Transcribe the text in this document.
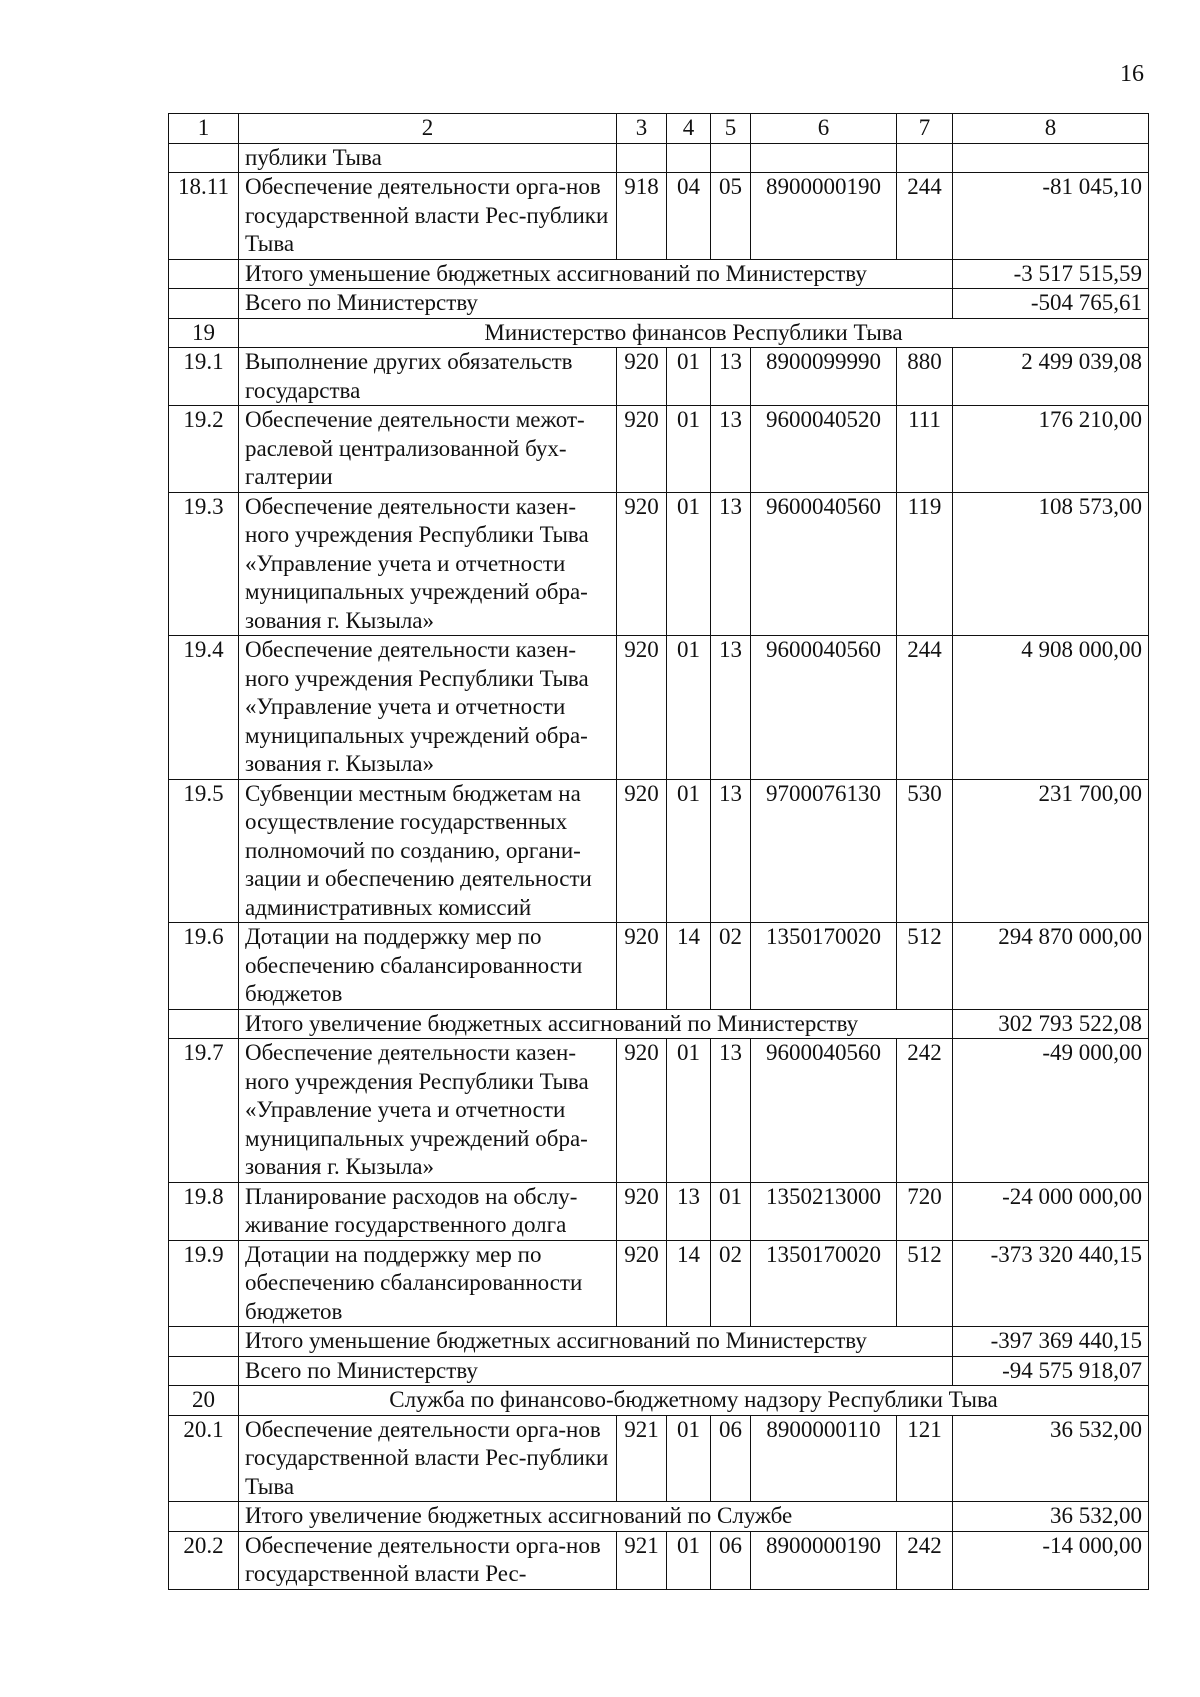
16
1	2	3	4	5	6	7	8
	публики Тыва						
18.11	Обеспечение деятельности орга-нов государственной власти Рес-публики Тыва	918	04	05	8900000190	244	-81 045,10
	Итого уменьшение бюджетных ассигнований по Министерству						-3 517 515,59
	Всего по Министерству						-504 765,61
19	Министерство финансов Республики Тыва						
19.1	Выполнение других обязательств государства	920	01	13	8900099990	880	2 499 039,08
19.2	Обеспечение деятельности межот-раслевой централизованной бух-галтерии	920	01	13	9600040520	111	176 210,00
19.3	Обеспечение деятельности казен-ного учреждения Республики Тыва «Управление учета и отчетности муниципальных учреждений обра-зования г. Кызыла»	920	01	13	9600040560	119	108 573,00
19.4	Обеспечение деятельности казен-ного учреждения Республики Тыва «Управление учета и отчетности муниципальных учреждений обра-зования г. Кызыла»	920	01	13	9600040560	244	4 908 000,00
19.5	Субвенции местным бюджетам на осуществление государственных полномочий по созданию, органи-зации и обеспечению деятельности административных комиссий	920	01	13	9700076130	530	231 700,00
19.6	Дотации на поддержку мер по обеспечению сбалансированности бюджетов	920	14	02	1350170020	512	294 870 000,00
	Итого увеличение бюджетных ассигнований по Министерству						302 793 522,08
19.7	Обеспечение деятельности казен-ного учреждения Республики Тыва «Управление учета и отчетности муниципальных учреждений обра-зования г. Кызыла»	920	01	13	9600040560	242	-49 000,00
19.8	Планирование расходов на обслу-живание государственного долга	920	13	01	1350213000	720	-24 000 000,00
19.9	Дотации на поддержку мер по обеспечению сбалансированности бюджетов	920	14	02	1350170020	512	-373 320 440,15
	Итого уменьшение бюджетных ассигнований по Министерству						-397 369 440,15
	Всего по Министерству						-94 575 918,07
20	Служба по финансово-бюджетному надзору Республики Тыва						
20.1	Обеспечение деятельности орга-нов государственной власти Рес-публики Тыва	921	01	06	8900000110	121	36 532,00
	Итого увеличение бюджетных ассигнований по Службе						36 532,00
20.2	Обеспечение деятельности орга-нов государственной власти Рес-	921	01	06	8900000190	242	-14 000,00
